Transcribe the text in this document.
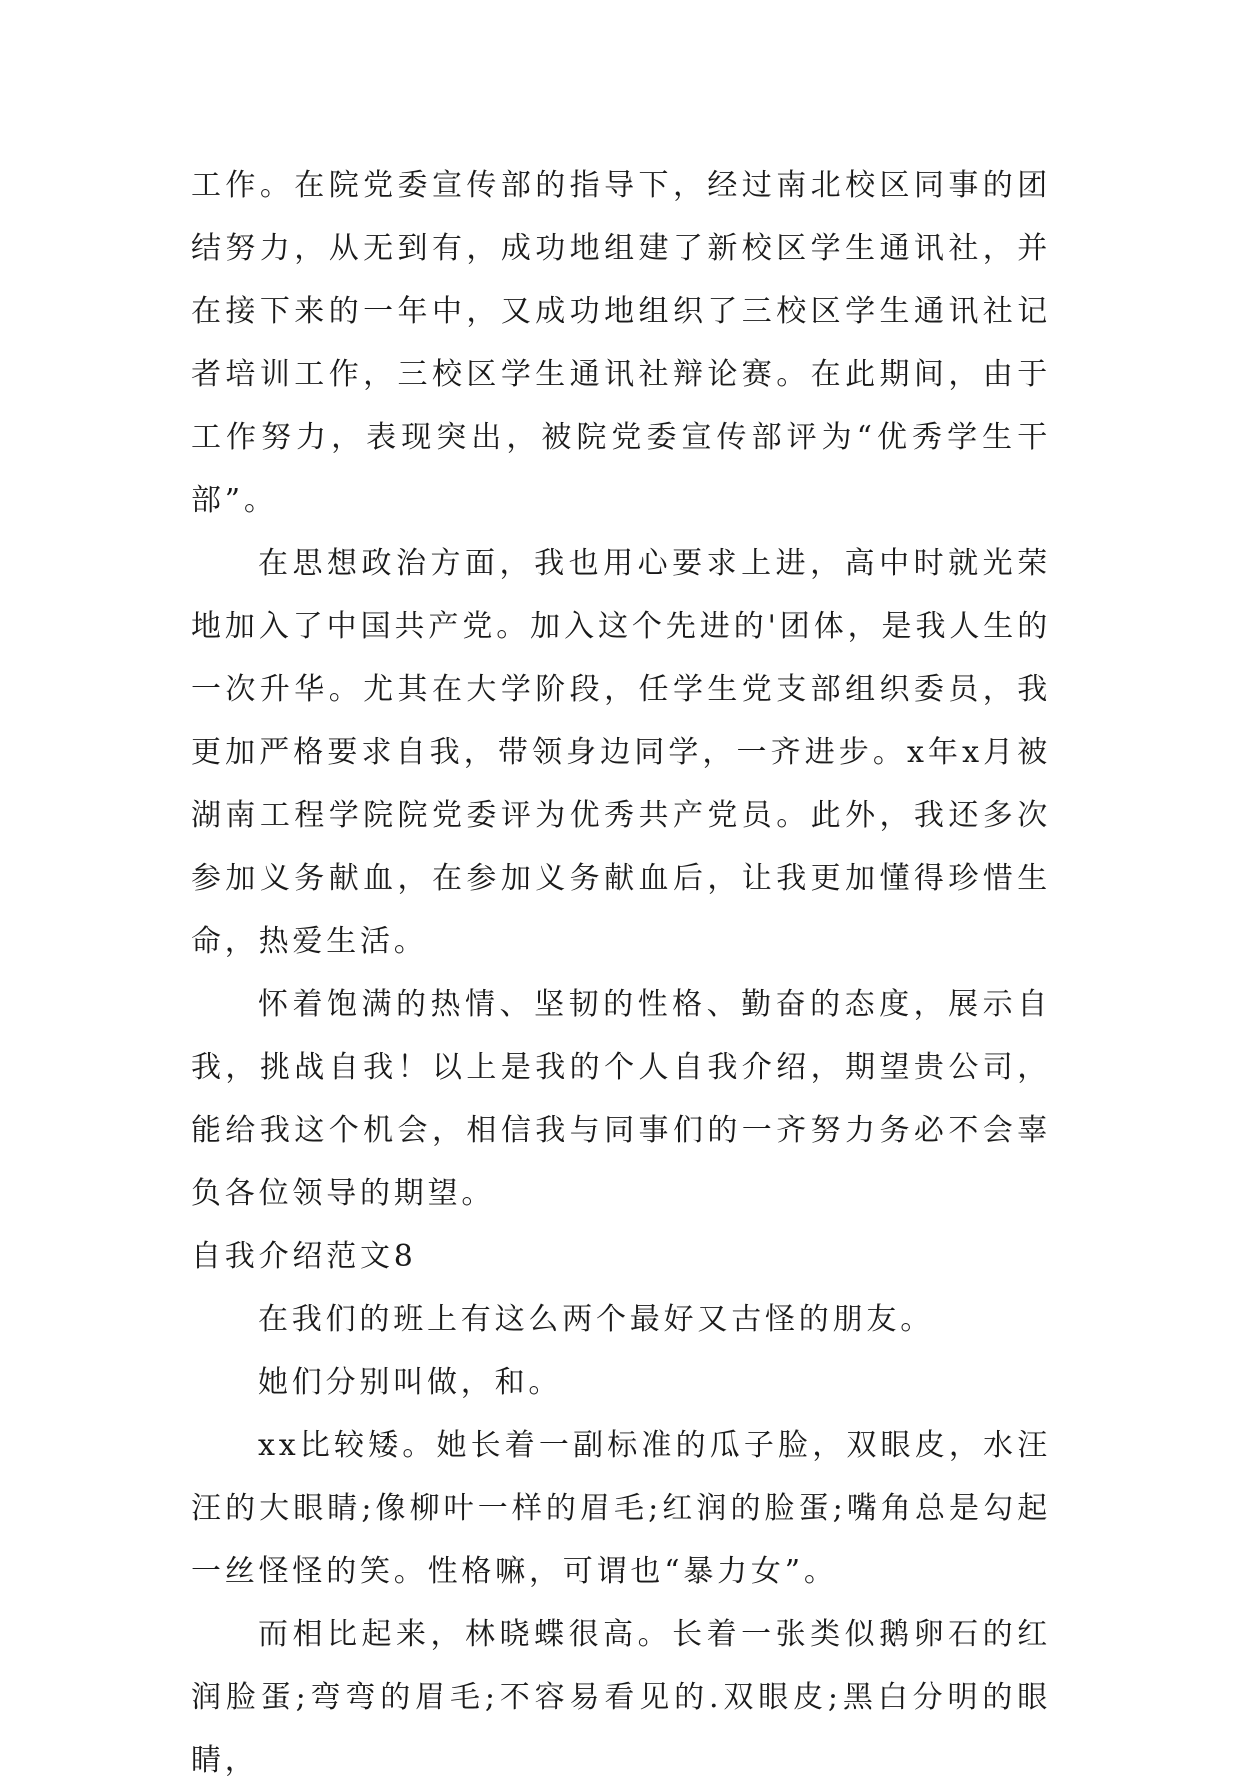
工作。在院党委宣传部的指导下，经过南北校区同事的团结努力，从无到有，成功地组建了新校区学生通讯社，并在接下来的一年中，又成功地组织了三校区学生通讯社记者培训工作，三校区学生通讯社辩论赛。在此期间，由于工作努力，表现突出，被院党委宣传部评为“优秀学生干部”。

在思想政治方面，我也用心要求上进，高中时就光荣地加入了中国共产党。加入这个先进的'团体，是我人生的一次升华。尤其在大学阶段，任学生党支部组织委员，我更加严格要求自我，带领身边同学，一齐进步。x年x月被湖南工程学院院党委评为优秀共产党员。此外，我还多次参加义务献血，在参加义务献血后，让我更加懂得珍惜生命，热爱生活。

怀着饱满的热情、坚韧的性格、勤奋的态度，展示自我，挑战自我！以上是我的个人自我介绍，期望贵公司，能给我这个机会，相信我与同事们的一齐努力务必不会辜负各位领导的期望。

自我介绍范文8

在我们的班上有这么两个最好又古怪的朋友。

她们分别叫做，和。

xx比较矮。她长着一副标准的瓜子脸，双眼皮，水汪汪的大眼睛;像柳叶一样的眉毛;红润的脸蛋;嘴角总是勾起一丝怪怪的笑。性格嘛，可谓也“暴力女”。

而相比起来，林晓蝶很高。长着一张类似鹅卵石的红润脸蛋;弯弯的眉毛;不容易看见的.双眼皮;黑白分明的眼睛，
